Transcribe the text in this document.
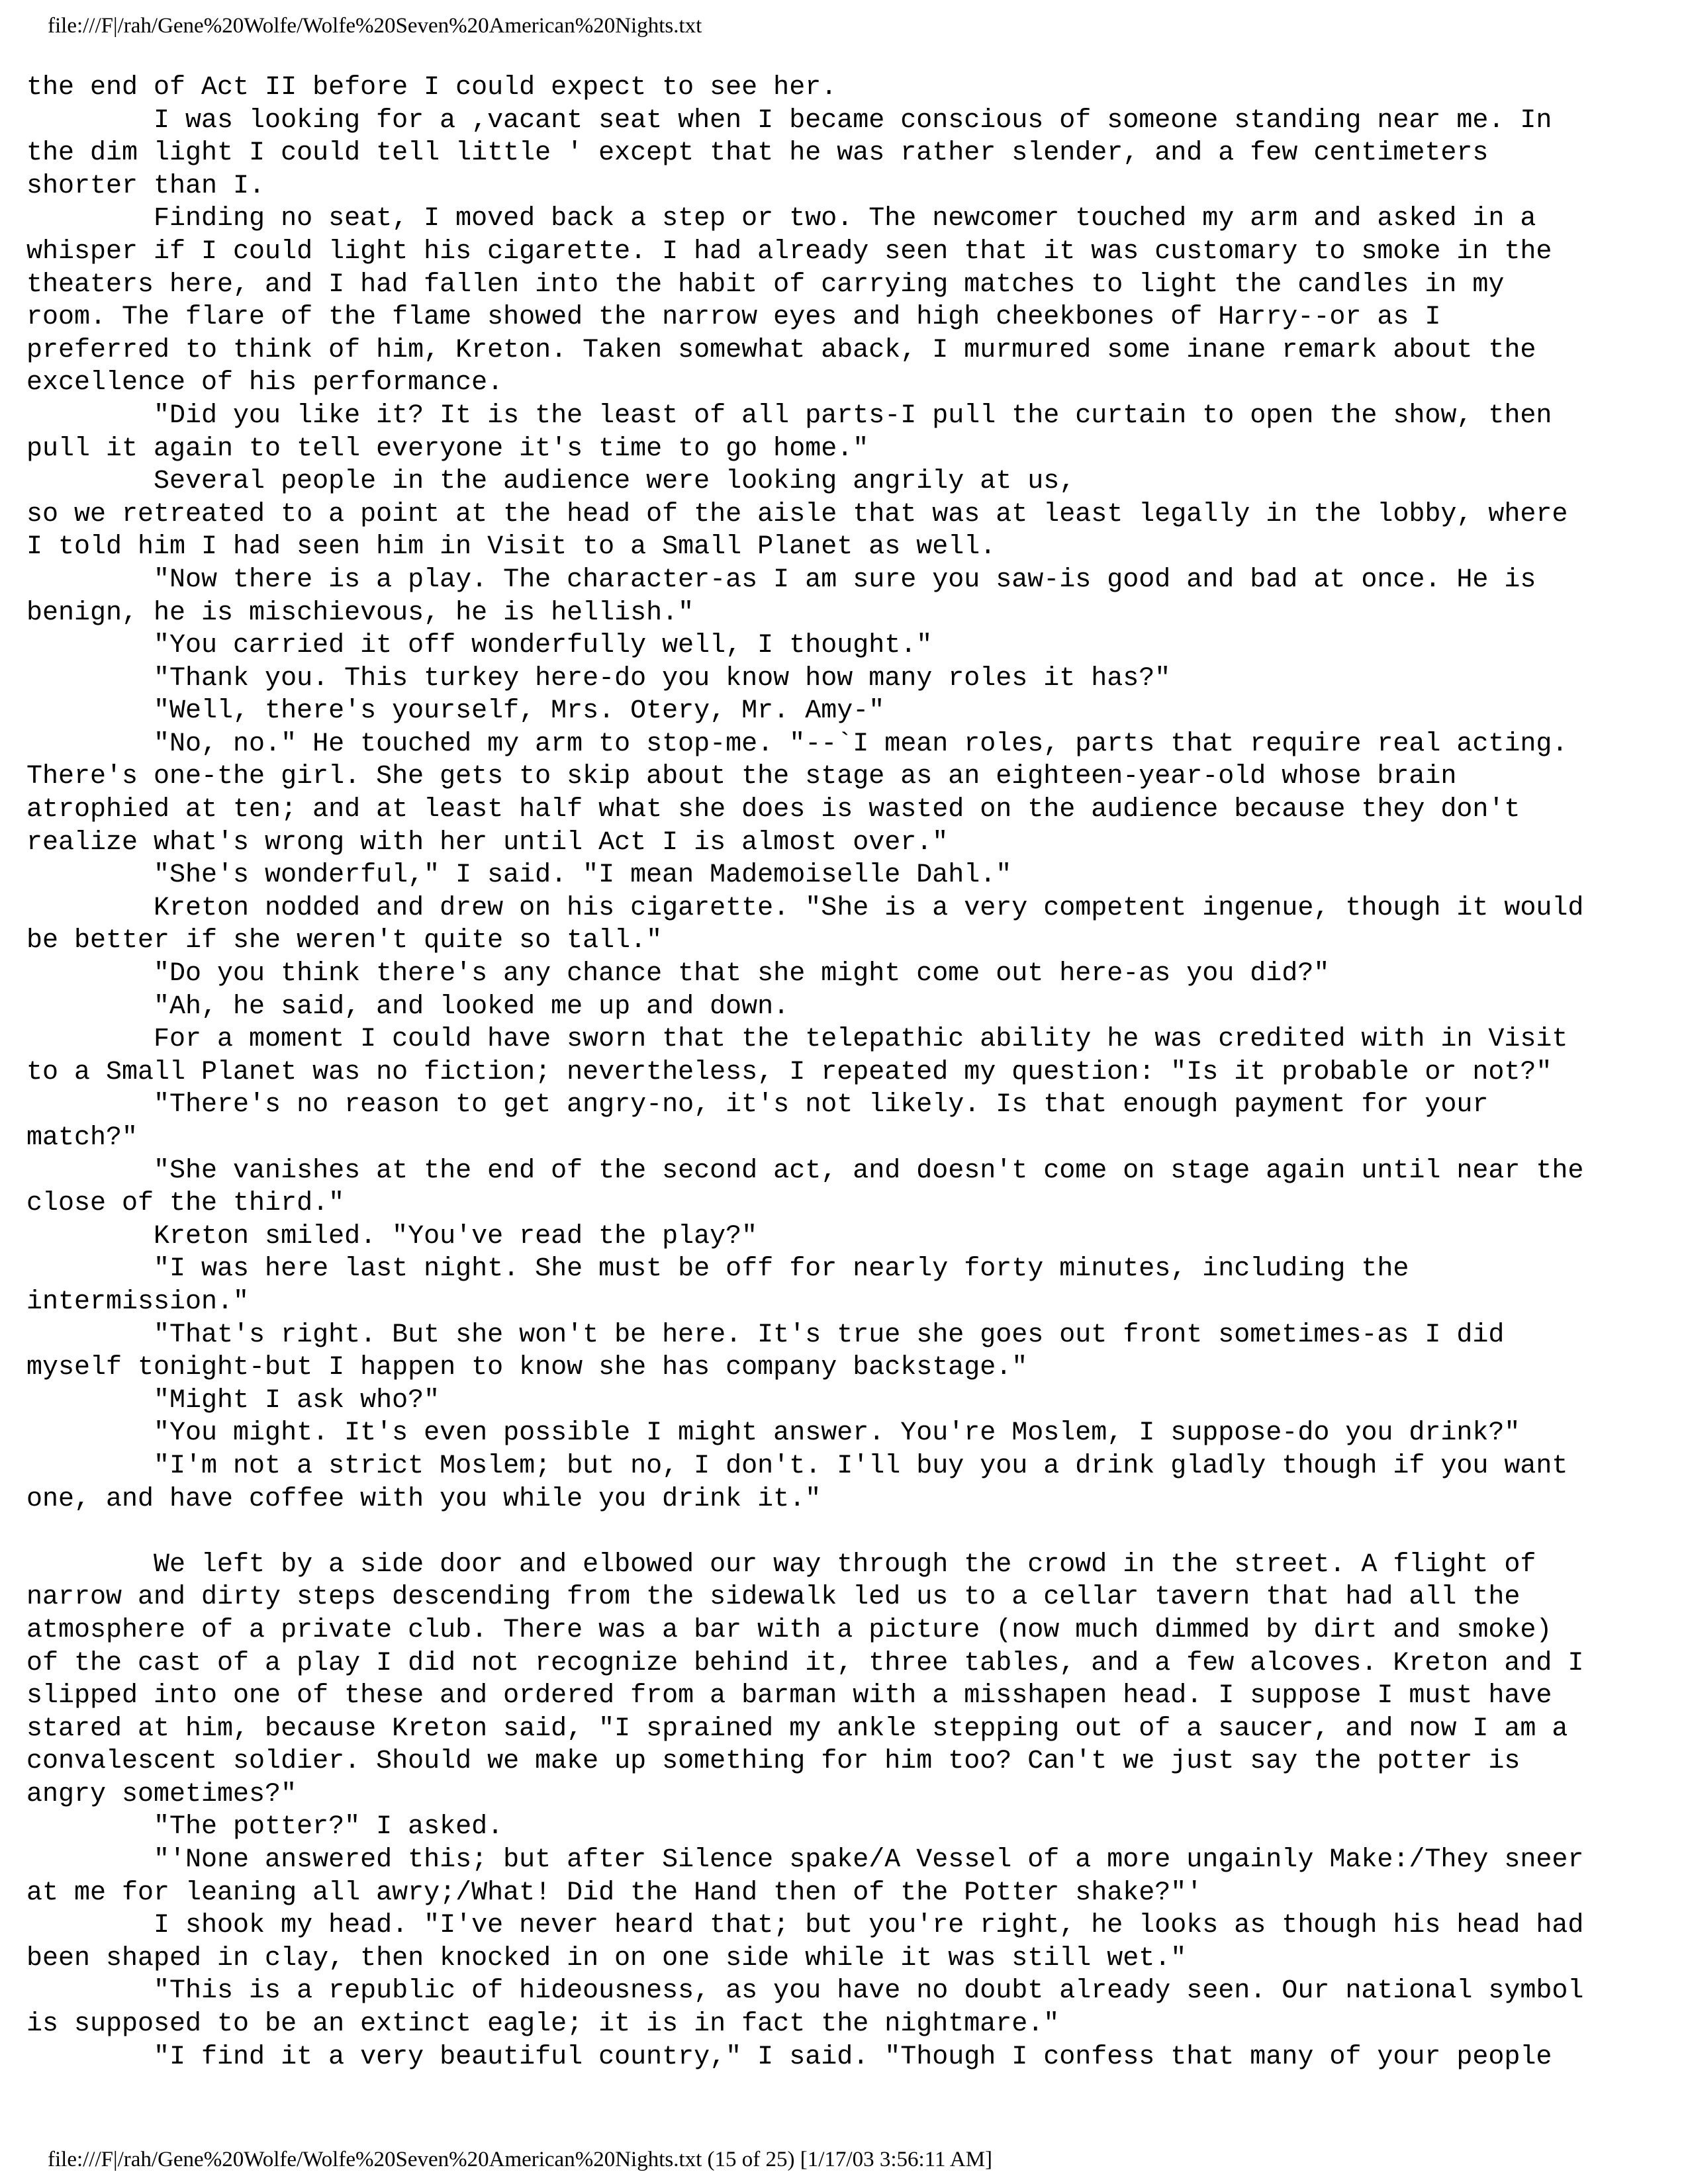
file:///F|/rah/Gene%20Wolfe/Wolfe%20Seven%20American%20Nights.txt
the end of Act II before I could expect to see her.
I was looking for a ,vacant seat when I became conscious of someone standing near me. In
the dim light I could tell little ' except that he was rather slender, and a few centimeters
shorter than I.
Finding no seat, I moved back a step or two. The newcomer touched my arm and asked in a
whisper if I could light his cigarette. I had already seen that it was customary to smoke in the
theaters here, and I had fallen into the habit of carrying matches to light the candles in my
room. The flare of the flame showed the narrow eyes and high cheekbones of Harry--or as I
preferred to think of him, Kreton. Taken somewhat aback, I murmured some inane remark about the
excellence of his performance.
"Did you like it? It is the least of all parts-I pull the curtain to open the show, then
pull it again to tell everyone it's time to go home."
Several people in the audience were looking angrily at us,
so we retreated to a point at the head of the aisle that was at least legally in the lobby, where
I told him I had seen him in Visit to a Small Planet as well.
"Now there is a play. The character-as I am sure you saw-is good and bad at once. He is
benign, he is mischievous, he is hellish."
"You carried it off wonderfully well, I thought."
"Thank you. This turkey here-do you know how many roles it has?"
"Well, there's yourself, Mrs. Otery, Mr. Amy-"
"No, no." He touched my arm to stop-me. "--`I mean roles, parts that require real acting.
There's one-the girl. She gets to skip about the stage as an eighteen-year-old whose brain
atrophied at ten; and at least half what she does is wasted on the audience because they don't
realize what's wrong with her until Act I is almost over."
"She's wonderful," I said. "I mean Mademoiselle Dahl."
Kreton nodded and drew on his cigarette. "She is a very competent ingenue, though it would
be better if she weren't quite so tall."
"Do you think there's any chance that she might come out here-as you did?"
"Ah, he said, and looked me up and down.
For a moment I could have sworn that the telepathic ability he was credited with in Visit
to a Small Planet was no fiction; nevertheless, I repeated my question: "Is it probable or not?"
"There's no reason to get angry-no, it's not likely. Is that enough payment for your
match?"
"She vanishes at the end of the second act, and doesn't come on stage again until near the
close of the third."
Kreton smiled. "You've read the play?"
"I was here last night. She must be off for nearly forty minutes, including the
intermission."
"That's right. But she won't be here. It's true she goes out front sometimes-as I did
myself tonight-but I happen to know she has company backstage."
"Might I ask who?"
"You might. It's even possible I might answer. You're Moslem, I suppose-do you drink?"
"I'm not a strict Moslem; but no, I don't. I'll buy you a drink gladly though if you want
one, and have coffee with you while you drink it."
We left by a side door and elbowed our way through the crowd in the street. A flight of
narrow and dirty steps descending from the sidewalk led us to a cellar tavern that had all the
atmosphere of a private club. There was a bar with a picture (now much dimmed by dirt and smoke)
of the cast of a play I did not recognize behind it, three tables, and a few alcoves. Kreton and I
slipped into one of these and ordered from a barman with a misshapen head. I suppose I must have
stared at him, because Kreton said, "I sprained my ankle stepping out of a saucer, and now I am a
convalescent soldier. Should we make up something for him too? Can't we just say the potter is
angry sometimes?"
"The potter?" I asked.
"'None answered this; but after Silence spake/A Vessel of a more ungainly Make:/They sneer
at me for leaning all awry;/What! Did the Hand then of the Potter shake?"'
I shook my head. "I've never heard that; but you're right, he looks as though his head had
been shaped in clay, then knocked in on one side while it was still wet."
"This is a republic of hideousness, as you have no doubt already seen. Our national symbol
is supposed to be an extinct eagle; it is in fact the nightmare."
"I find it a very beautiful country," I said. "Though I confess that many of your people
file:///F|/rah/Gene%20Wolfe/Wolfe%20Seven%20American%20Nights.txt (15 of 25) [1/17/03 3:56:11 AM]
